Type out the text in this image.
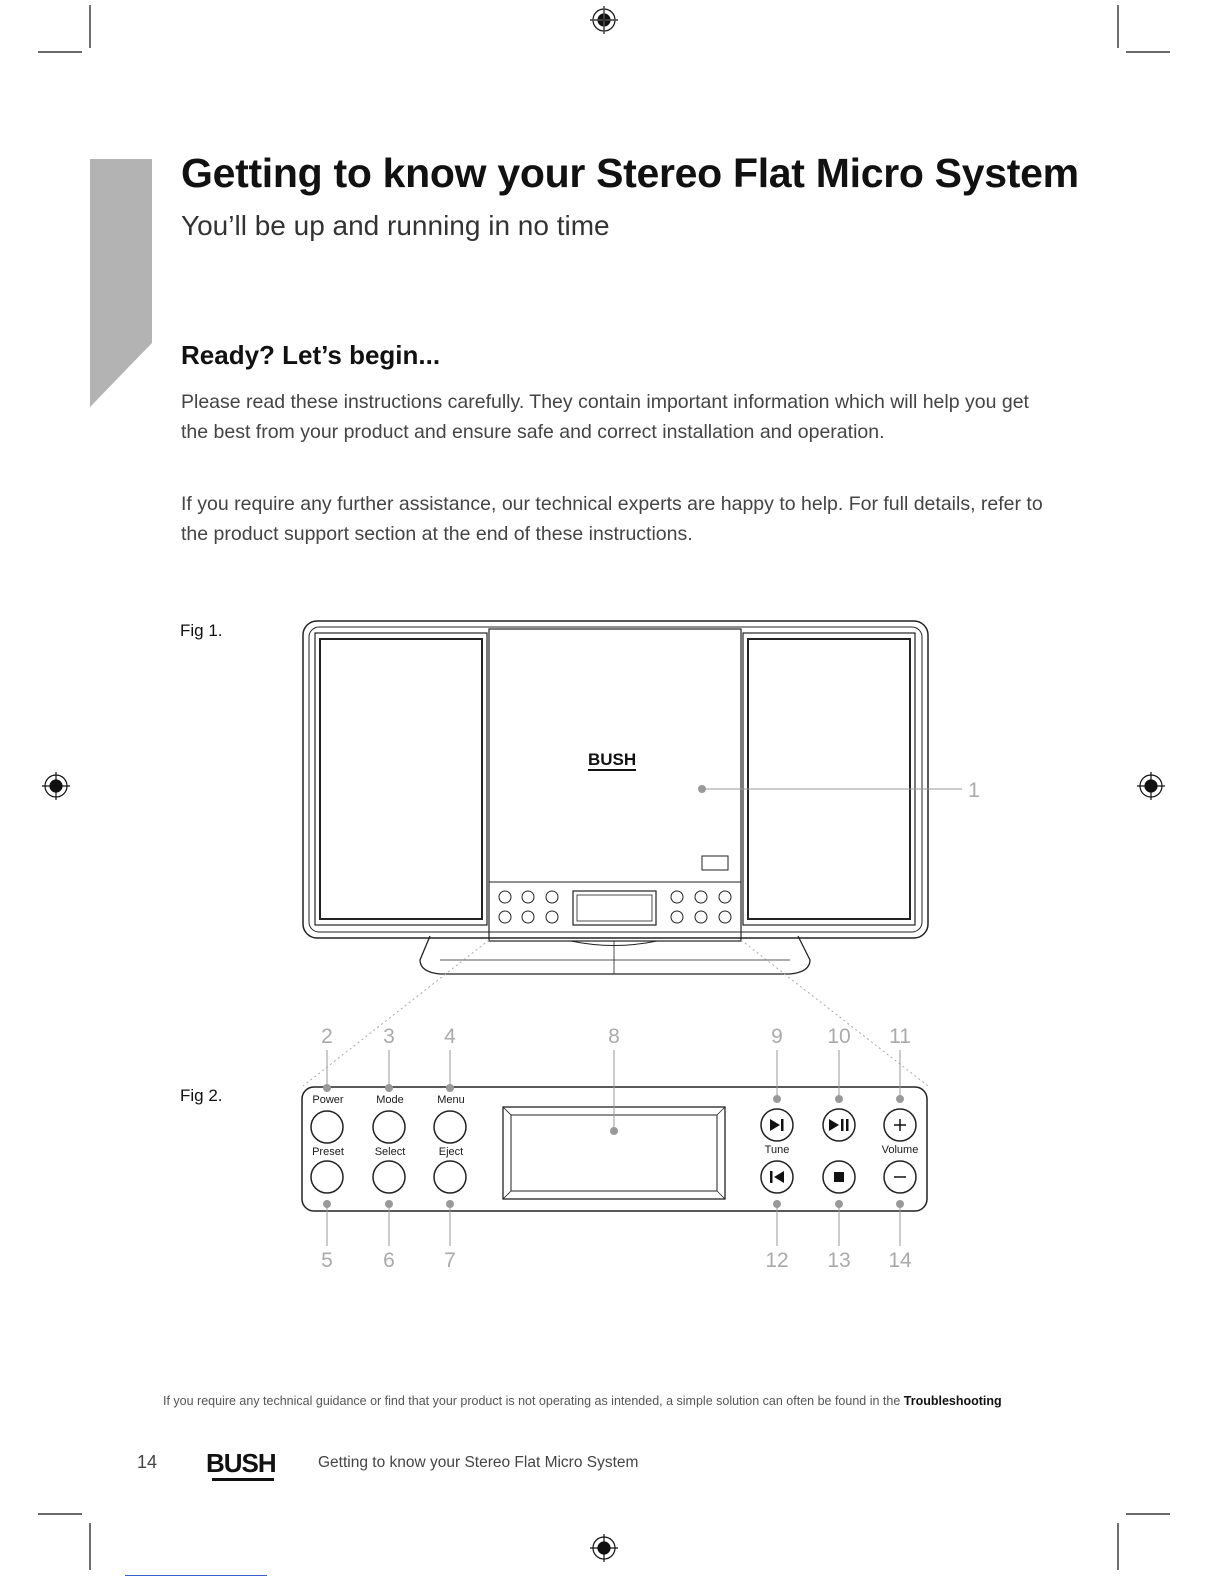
Getting to know your Stereo Flat Micro System
You’ll be up and running in no time
Ready? Let’s begin...

Please read these instructions carefully. They contain important information which will help you get the best from your product and ensure safe and correct installation and operation.

If you require any further assistance, our technical experts are happy to help. For full details, refer to the product support section at the end of these instructions.

Fig 1.
Fig 2.
BUSH
1
Power	Mode	Menu
Preset	Select	Eject	Tune	Volume
2	3	4	8	9	10	11
5	6	7	12	13	14
If you require any technical guidance or find that your product is not operating as intended, a simple solution can often be found in the Troubleshooting
14 BUSH	Getting to know your Stereo Flat Micro System
